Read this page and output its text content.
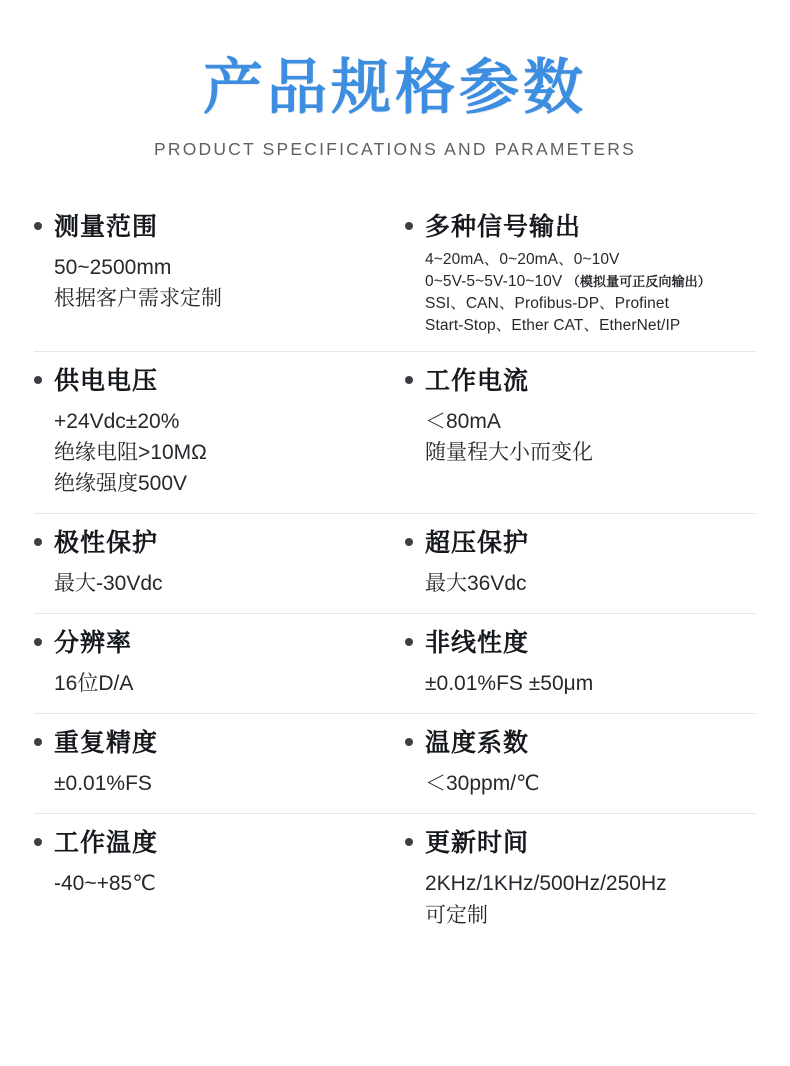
产品规格参数
PRODUCT SPECIFICATIONS AND PARAMETERS
测量范围
50~2500mm
根据客户需求定制
多种信号输出
4~20mA、0~20mA、0~10V
0~5V-5~5V-10~10V （模拟量可正反向输出）
SSI、CAN、Profibus-DP、Profinet
Start-Stop、Ether CAT、EtherNet/IP
供电电压
+24Vdc±20%
绝缘电阻>10MΩ
绝缘强度500V
工作电流
＜80mA
随量程大小而变化
极性保护
最大-30Vdc
超压保护
最大36Vdc
分辨率
16位D/A
非线性度
±0.01%FS ±50μm
重复精度
±0.01%FS
温度系数
＜30ppm/℃
工作温度
-40~+85℃
更新时间
2KHz/1KHz/500Hz/250Hz
可定制
